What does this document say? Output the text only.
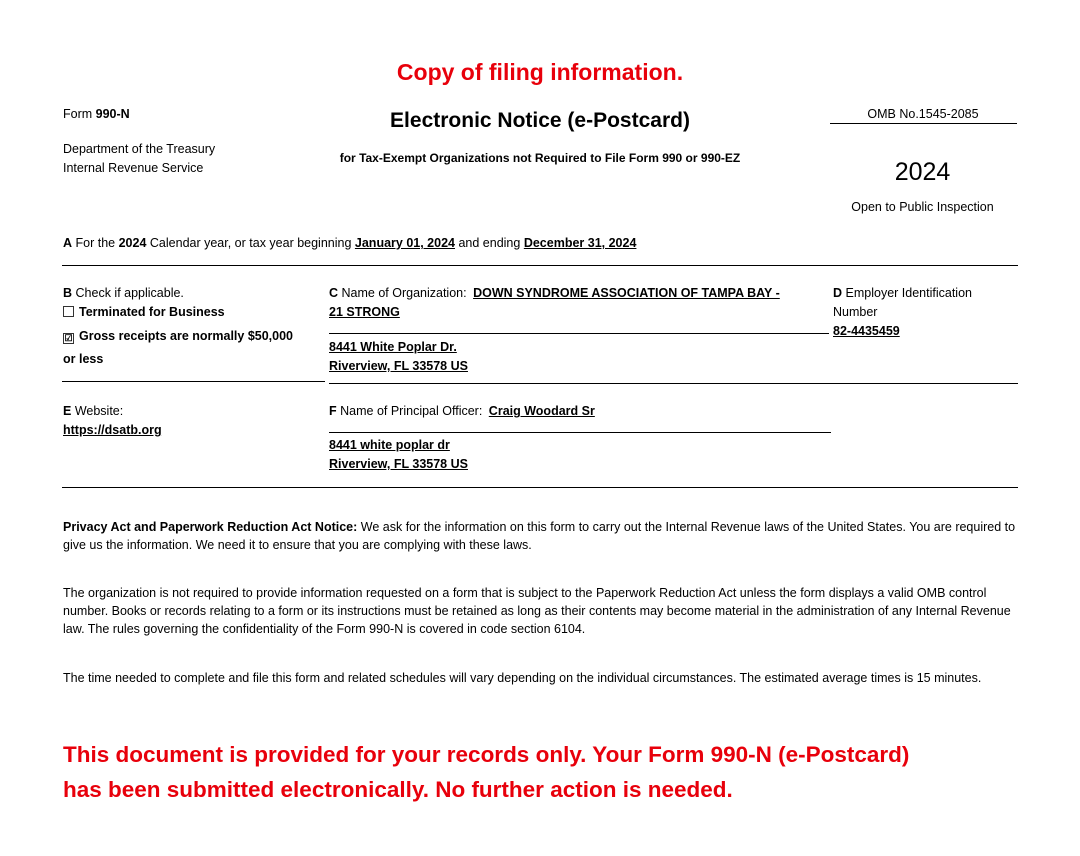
Copy of filing information.
Form 990-N	Electronic Notice (e-Postcard)	OMB No.1545-2085
Department of the Treasury
Internal Revenue Service
for Tax-Exempt Organizations not Required to File Form 990 or 990-EZ	2024
Open to Public Inspection
A For the 2024 Calendar year, or tax year beginning January 01, 2024 and ending December 31, 2024
B Check if applicable.
Terminated for Business
☑ Gross receipts are normally $50,000
or less
C Name of Organization: DOWN SYNDROME ASSOCIATION OF TAMPA BAY -
21 STRONG
8441 White Poplar Dr.
Riverview, FL 33578 US
D Employer Identification
Number
82-4435459
E Website:
https://dsatb.org
F Name of Principal Officer: Craig Woodard Sr
8441 white poplar dr
Riverview, FL 33578 US
Privacy Act and Paperwork Reduction Act Notice: We ask for the information on this form to carry out the Internal Revenue laws of the United States. You are required to give us the information. We need it to ensure that you are complying with these laws.
The organization is not required to provide information requested on a form that is subject to the Paperwork Reduction Act unless the form displays a valid OMB control number. Books or records relating to a form or its instructions must be retained as long as their contents may become material in the administration of any Internal Revenue law. The rules governing the confidentiality of the Form 990-N is covered in code section 6104.
The time needed to complete and file this form and related schedules will vary depending on the individual circumstances. The estimated average times is 15 minutes.
This document is provided for your records only. Your Form 990-N (e-Postcard)
has been submitted electronically. No further action is needed.
